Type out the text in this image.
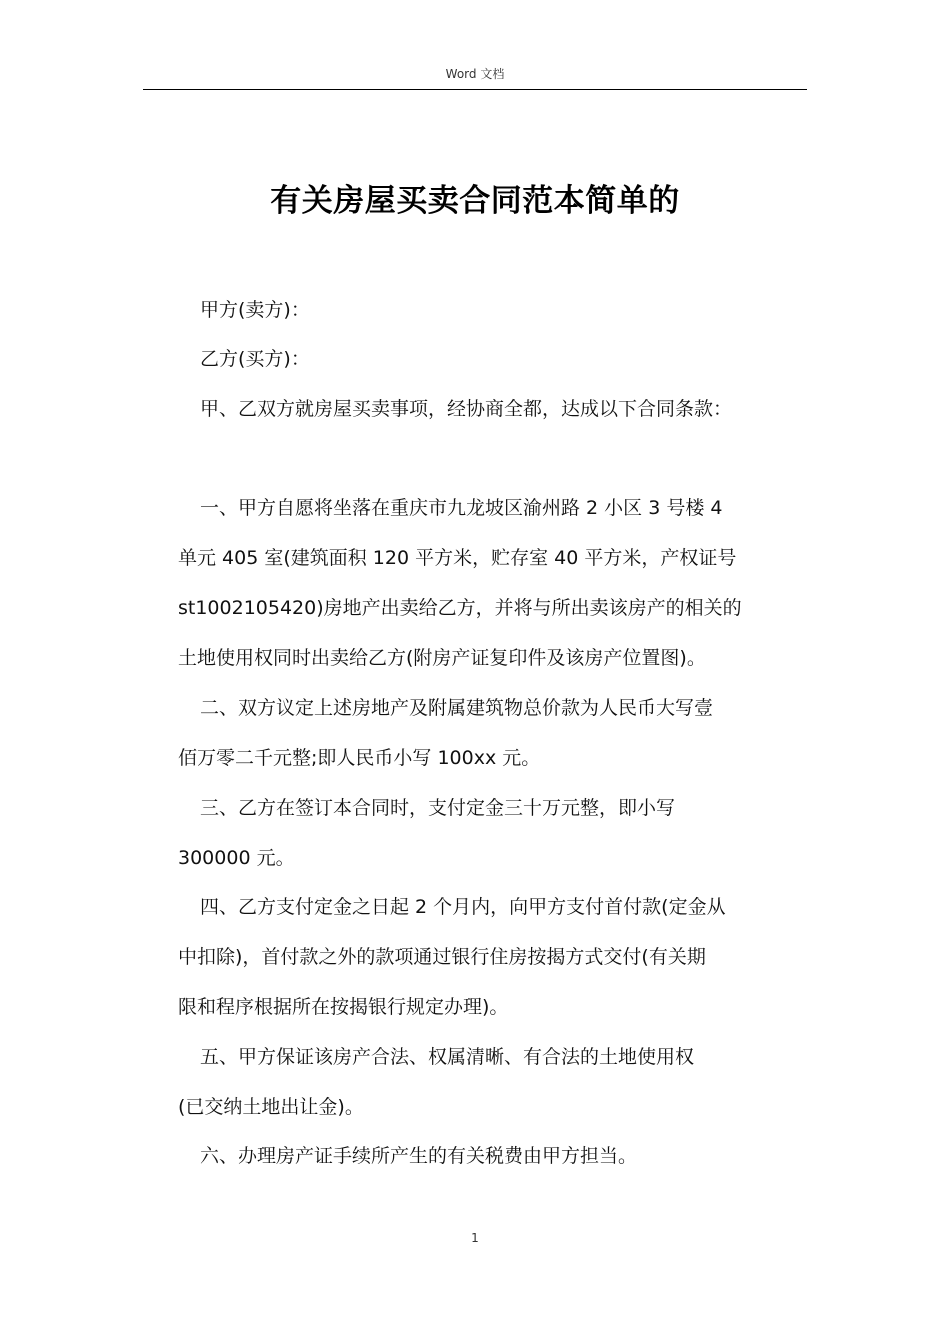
Word 文档
有关房屋买卖合同范本简单的
甲方(卖方)：
乙方(买方)：
甲、乙双方就房屋买卖事项，经协商全都，达成以下合同条款：
一、甲方自愿将坐落在重庆市九龙坡区渝州路 2 小区 3 号楼 4
单元 405 室(建筑面积 120 平方米，贮存室 40 平方米，产权证号
st1002105420)房地产出卖给乙方，并将与所出卖该房产的相关的
土地使用权同时出卖给乙方(附房产证复印件及该房产位置图)。
二、双方议定上述房地产及附属建筑物总价款为人民币大写壹
佰万零二千元整;即人民币小写 100xx 元。
三、乙方在签订本合同时，支付定金三十万元整，即小写
300000 元。
四、乙方支付定金之日起 2 个月内，向甲方支付首付款(定金从
中扣除)，首付款之外的款项通过银行住房按揭方式交付(有关期
限和程序根据所在按揭银行规定办理)。
五、甲方保证该房产合法、权属清晰、有合法的土地使用权
(已交纳土地出让金)。
六、办理房产证手续所产生的有关税费由甲方担当。
1
